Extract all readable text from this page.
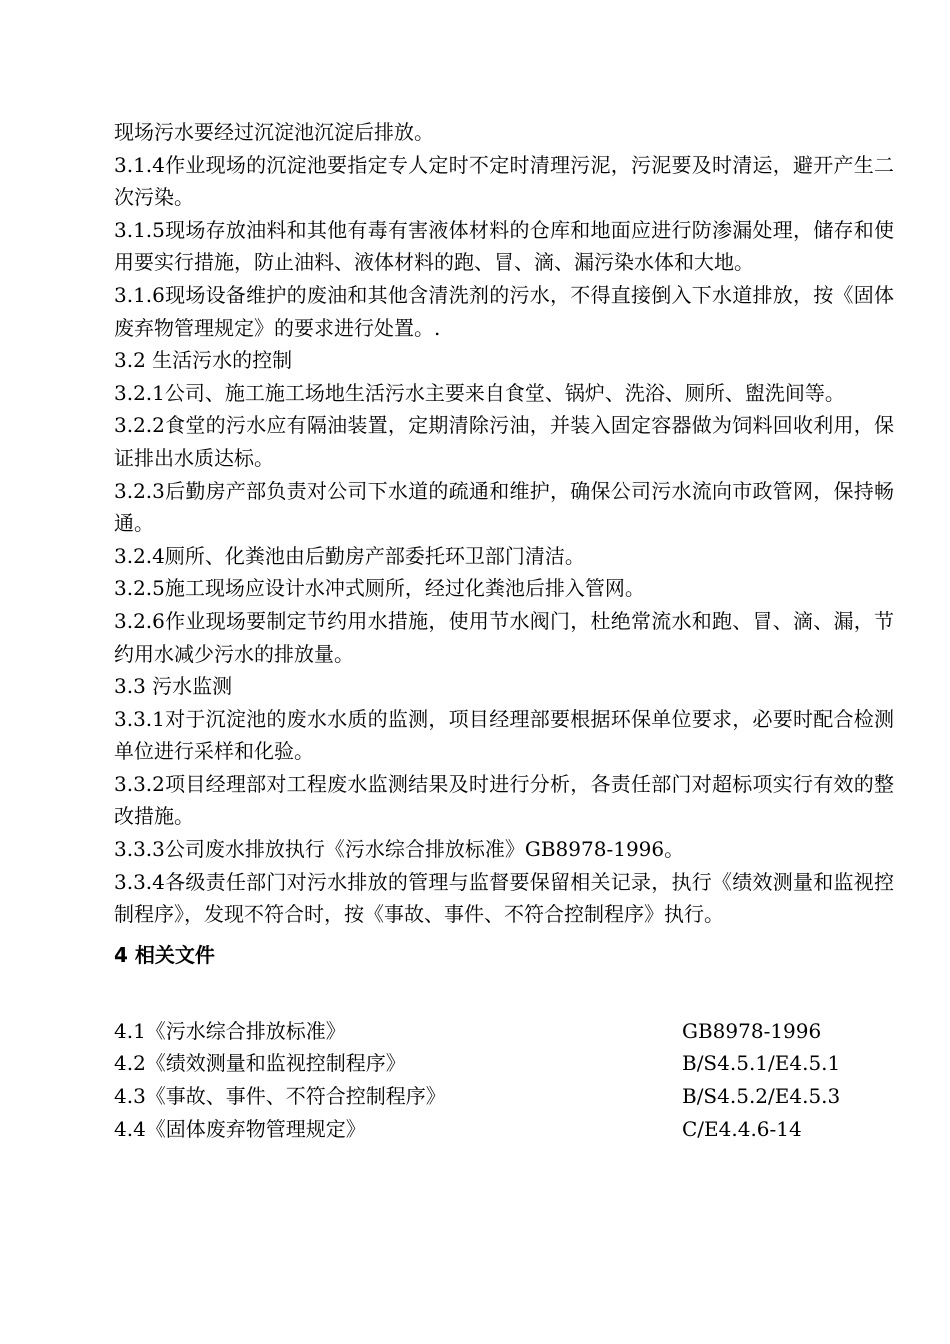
现场污水要经过沉淀池沉淀后排放。

3.1.4作业现场的沉淀池要指定专人定时不定时清理污泥，污泥要及时清运，避开产生二次污染。

3.1.5现场存放油料和其他有毒有害液体材料的仓库和地面应进行防渗漏处理，储存和使用要实行措施，防止油料、液体材料的跑、冒、滴、漏污染水体和大地。

3.1.6现场设备维护的废油和其他含清洗剂的污水，不得直接倒入下水道排放，按《固体废弃物管理规定》的要求进行处置。.

3.2 生活污水的控制

3.2.1公司、施工施工场地生活污水主要来自食堂、锅炉、洗浴、厕所、盥洗间等。

3.2.2食堂的污水应有隔油装置，定期清除污油，并装入固定容器做为饲料回收利用，保证排出水质达标。

3.2.3后勤房产部负责对公司下水道的疏通和维护，确保公司污水流向市政管网，保持畅通。

3.2.4厕所、化粪池由后勤房产部委托环卫部门清洁。

3.2.5施工现场应设计水冲式厕所，经过化粪池后排入管网。

3.2.6作业现场要制定节约用水措施，使用节水阀门，杜绝常流水和跑、冒、滴、漏，节约用水减少污水的排放量。

3.3 污水监测

3.3.1对于沉淀池的废水水质的监测，项目经理部要根据环保单位要求，必要时配合检测单位进行采样和化验。

3.3.2项目经理部对工程废水监测结果及时进行分析，各责任部门对超标项实行有效的整改措施。

3.3.3公司废水排放执行《污水综合排放标准》GB8978-1996。

3.3.4各级责任部门对污水排放的管理与监督要保留相关记录，执行《绩效测量和监视控制程序》，发现不符合时，按《事故、事件、不符合控制程序》执行。

4 相关文件
4.1《污水综合排放标准》	GB8978-1996
4.2《绩效测量和监视控制程序》	B/S4.5.1/E4.5.1
4.3《事故、事件、不符合控制程序》	B/S4.5.2/E4.5.3
4.4《固体废弃物管理规定》	C/E4.4.6-14
